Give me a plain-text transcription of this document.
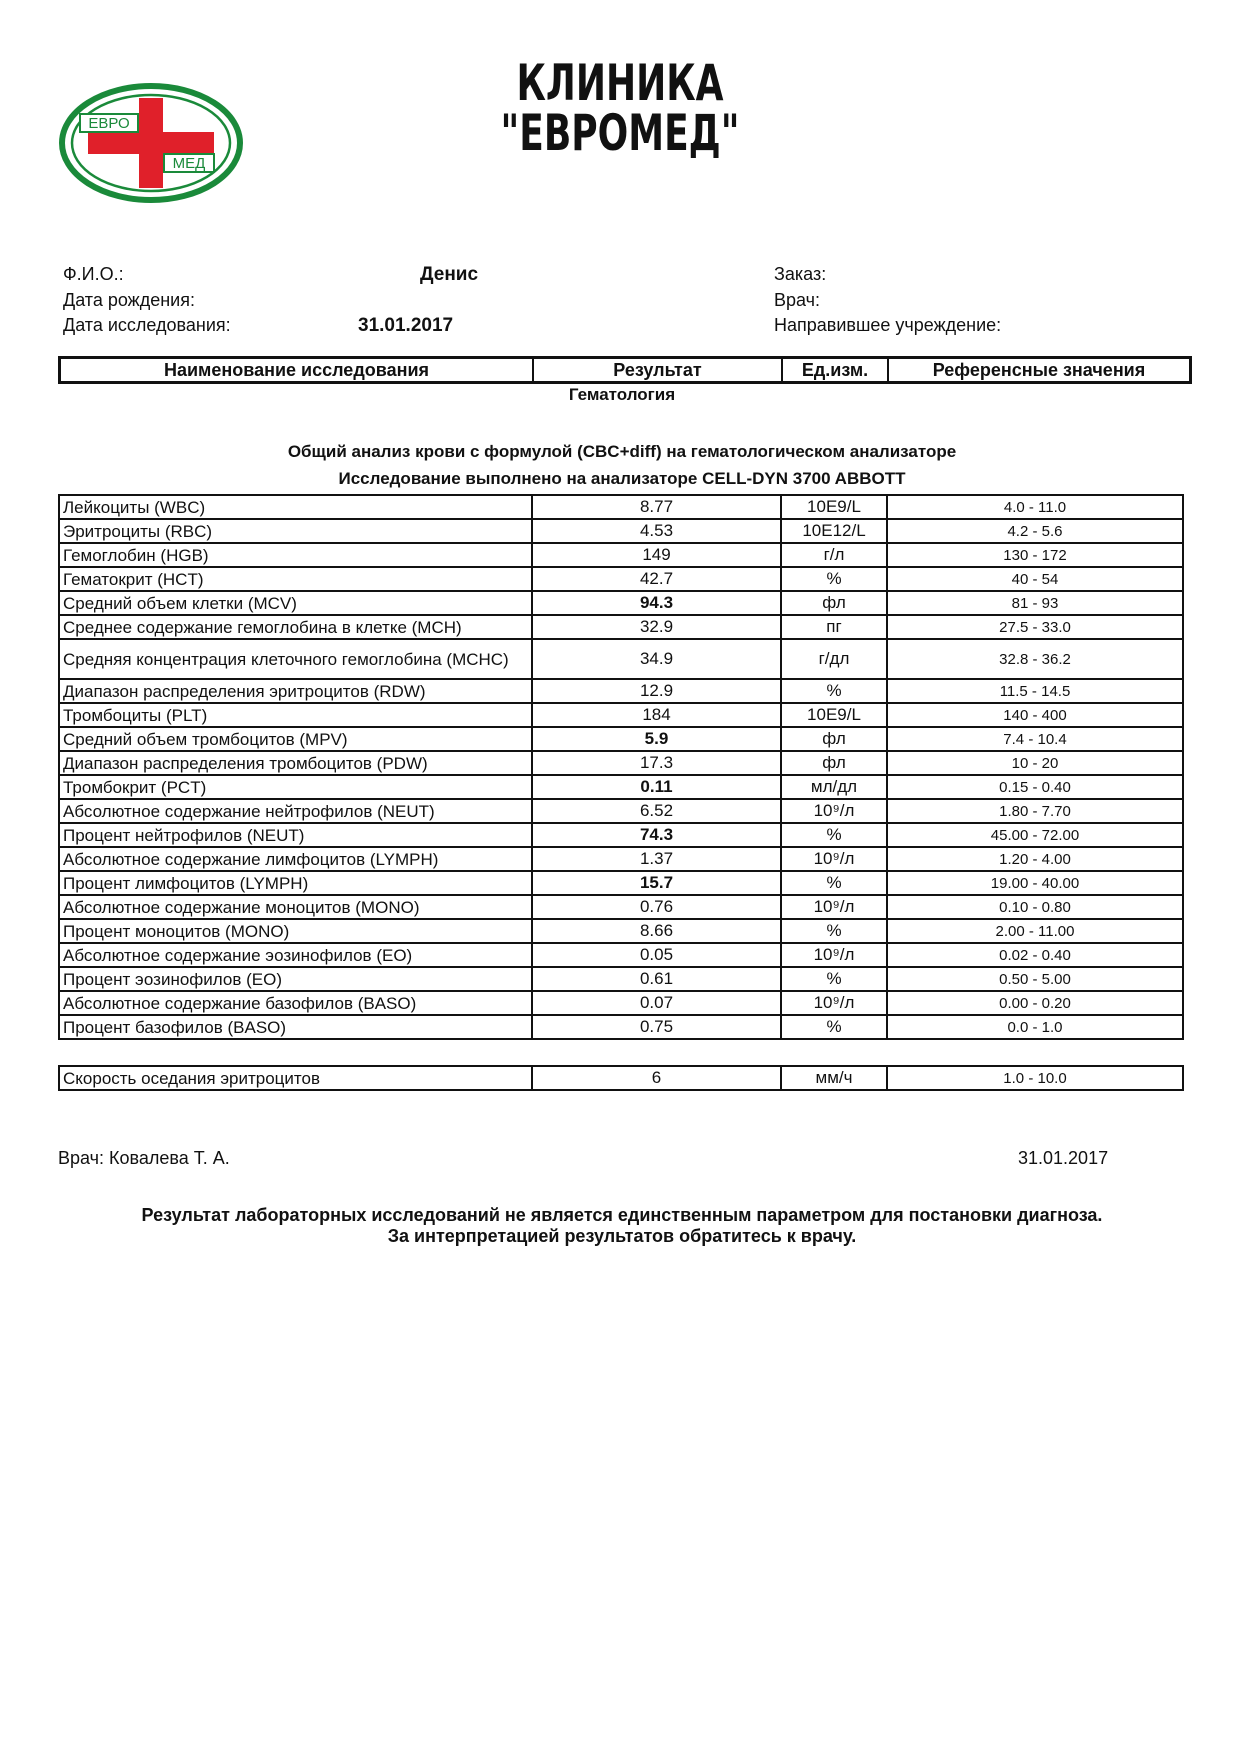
ЕВРО
МЕД
КЛИНИКА
"ЕВРОМЕД"
Ф.И.О.:	Денис
Дата рождения:
Дата исследования:	31.01.2017
Заказ:
Врач:
Направившее учреждение:
Наименование исследования	Результат	Ед.изм.	Референсные значения
Гематология
Общий анализ крови с формулой (CBC+diff) на гематологическом анализаторе
Исследование выполнено на анализаторе CELL-DYN 3700 ABBOTT
Лейкоциты (WBC)	8.77	10E9/L	4.0 - 11.0
Эритроциты (RBC)	4.53	10E12/L	4.2 - 5.6
Гемоглобин (HGB)	149	г/л	130 - 172
Гематокрит (HCT)	42.7	%	40 - 54
Средний объем клетки (MCV)	94.3	фл	81 - 93
Среднее содержание гемоглобина в клетке (MCH)	32.9	пг	27.5 - 33.0
Средняя концентрация клеточного гемоглобина (MCHC)	34.9	г/дл	32.8 - 36.2
Диапазон распределения эритроцитов (RDW)	12.9	%	11.5 - 14.5
Тромбоциты (PLT)	184	10E9/L	140 - 400
Средний объем тромбоцитов (MPV)	5.9	фл	7.4 - 10.4
Диапазон распределения тромбоцитов (PDW)	17.3	фл	10 - 20
Тромбокрит (PCT)	0.11	мл/дл	0.15 - 0.40
Абсолютное содержание нейтрофилов (NEUT)	6.52	10⁹/л	1.80 - 7.70
Процент нейтрофилов (NEUT)	74.3	%	45.00 - 72.00
Абсолютное содержание лимфоцитов (LYMPH)	1.37	10⁹/л	1.20 - 4.00
Процент лимфоцитов (LYMPH)	15.7	%	19.00 - 40.00
Абсолютное содержание моноцитов (MONO)	0.76	10⁹/л	0.10 - 0.80
Процент моноцитов (MONO)	8.66	%	2.00 - 11.00
Абсолютное содержание эозинофилов (EO)	0.05	10⁹/л	0.02 - 0.40
Процент эозинофилов (EO)	0.61	%	0.50 - 5.00
Абсолютное содержание базофилов (BASO)	0.07	10⁹/л	0.00 - 0.20
Процент базофилов (BASO)	0.75	%	0.0 - 1.0
Скорость оседания эритроцитов	6	мм/ч	1.0 - 10.0
Врач: Ковалева Т. А.	31.01.2017
Результат лабораторных исследований не является единственным параметром для постановки диагноза.
За интерпретацией результатов обратитесь к врачу.
